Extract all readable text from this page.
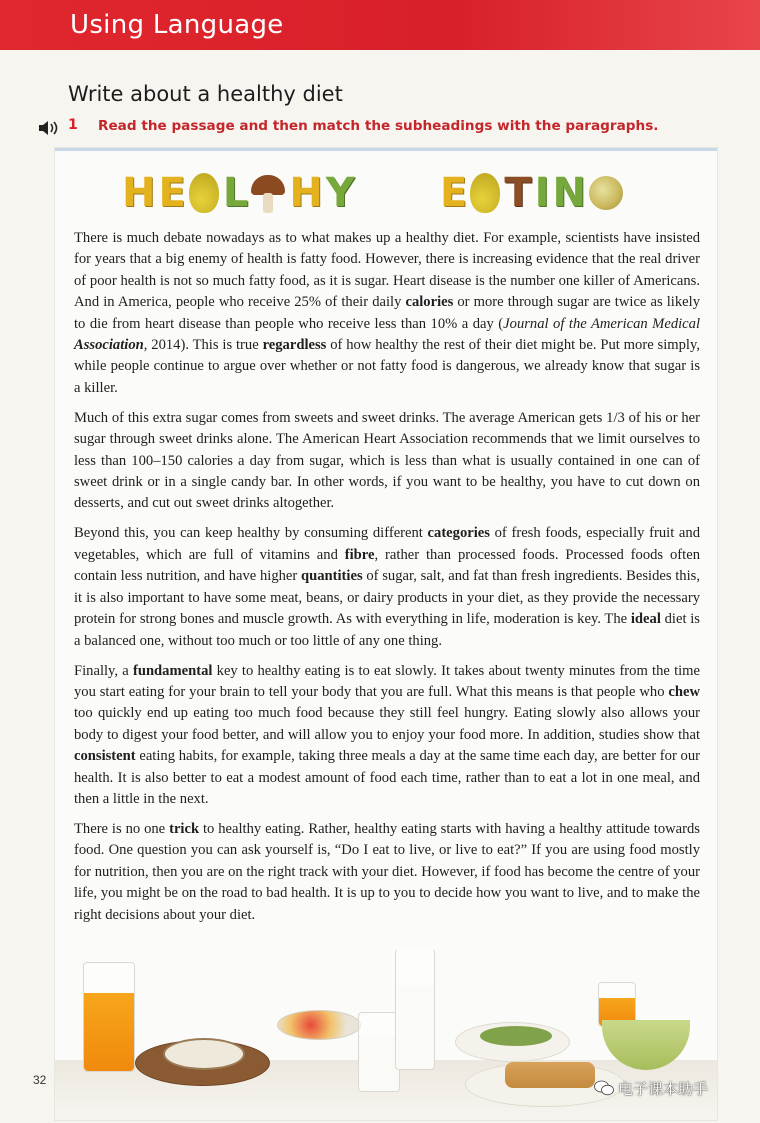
Using Language
Write about a healthy diet
1 Read the passage and then match the subheadings with the paragraphs.
H E L H Y E T I N

There is much debate nowadays as to what makes up a healthy diet. For example, scientists have insisted for years that a big enemy of health is fatty food. However, there is increasing evidence that the real driver of poor health is not so much fatty food, as it is sugar. Heart disease is the number one killer of Americans. And in America, people who receive 25% of their daily calories or more through sugar are twice as likely to die from heart disease than people who receive less than 10% a day (Journal of the American Medical Association, 2014). This is true regardless of how healthy the rest of their diet might be. Put more simply, while people continue to argue over whether or not fatty food is dangerous, we already know that sugar is a killer.

Much of this extra sugar comes from sweets and sweet drinks. The average American gets 1/3 of his or her sugar through sweet drinks alone. The American Heart Association recommends that we limit ourselves to less than 100–150 calories a day from sugar, which is less than what is usually contained in one can of sweet drink or in a single candy bar. In other words, if you want to be healthy, you have to cut down on desserts, and cut out sweet drinks altogether.

Beyond this, you can keep healthy by consuming different categories of fresh foods, especially fruit and vegetables, which are full of vitamins and fibre, rather than processed foods. Processed foods often contain less nutrition, and have higher quantities of sugar, salt, and fat than fresh ingredients. Besides this, it is also important to have some meat, beans, or dairy products in your diet, as they provide the necessary protein for strong bones and muscle growth. As with everything in life, moderation is key. The ideal diet is a balanced one, without too much or too little of any one thing.

Finally, a fundamental key to healthy eating is to eat slowly. It takes about twenty minutes from the time you start eating for your brain to tell your body that you are full. What this means is that people who chew too quickly end up eating too much food because they still feel hungry. Eating slowly also allows your body to digest your food better, and will allow you to enjoy your food more. In addition, studies show that consistent eating habits, for example, taking three meals a day at the same time each day, are better for our health. It is also better to eat a modest amount of food each time, rather than to eat a lot in one meal, and then a little in the next.

There is no one trick to healthy eating. Rather, healthy eating starts with having a healthy attitude towards food. One question you can ask yourself is, “Do I eat to live, or live to eat?” If you are using food mostly for nutrition, then you are on the right track with your diet. However, if food has become the centre of your life, you might be on the road to bad health. It is up to you to decide how you want to live, and to make the right decisions about your diet.

32	电子课本助手
